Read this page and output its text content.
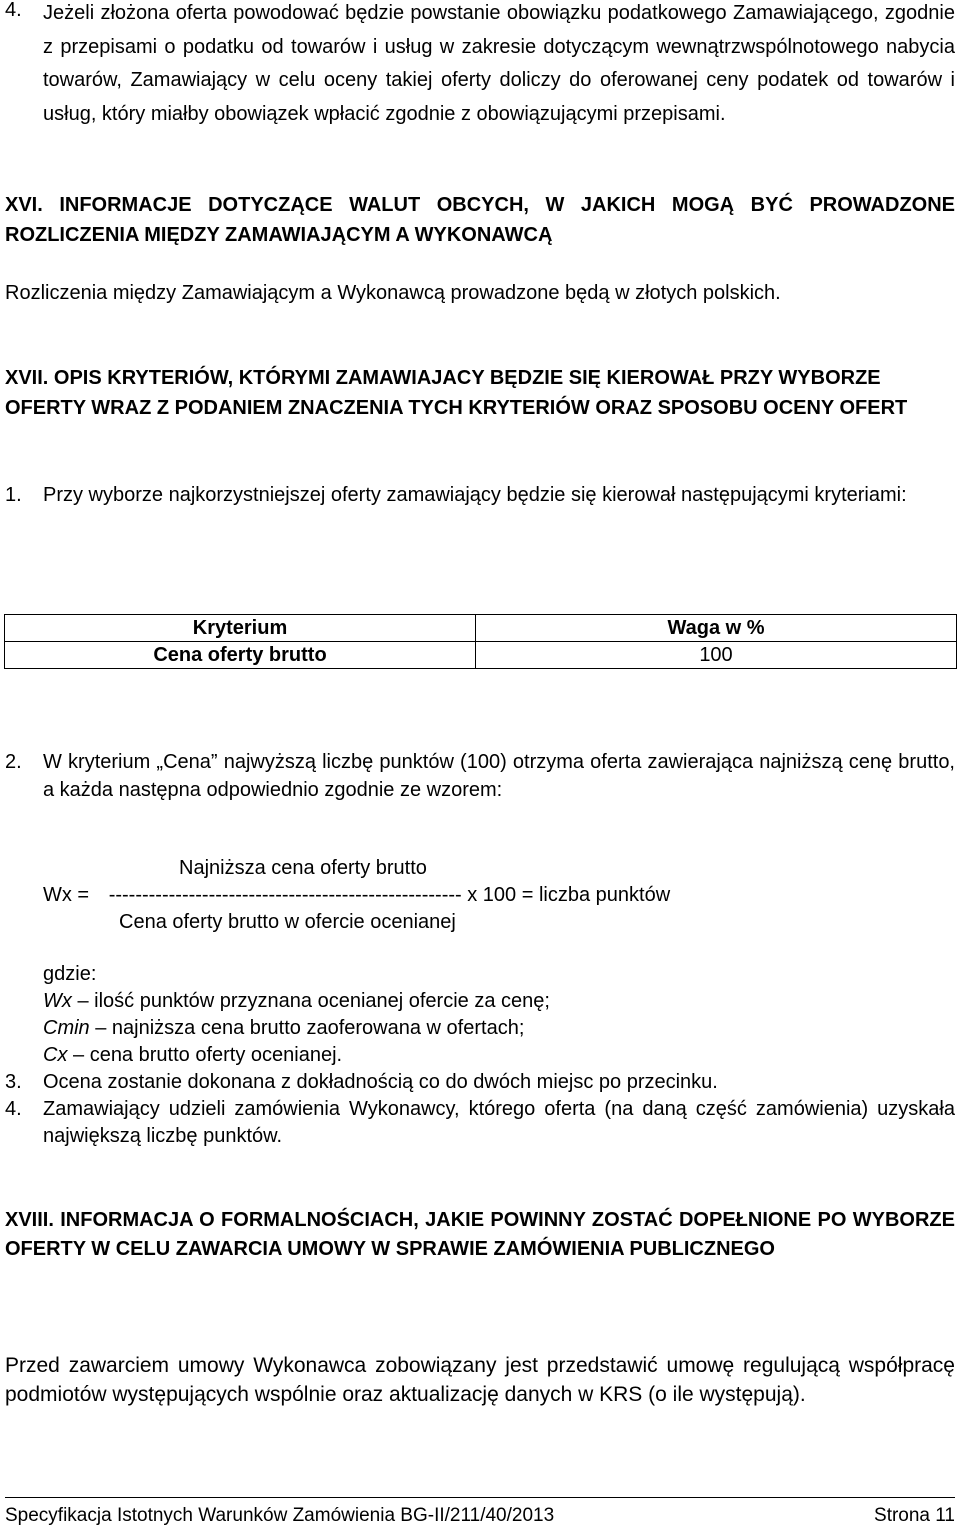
4. Jeżeli złożona oferta powodować będzie powstanie obowiązku podatkowego Zamawiającego, zgodnie z przepisami o podatku od towarów i usług w zakresie dotyczącym wewnątrzwspólnotowego nabycia towarów, Zamawiający w celu oceny takiej oferty doliczy do oferowanej ceny podatek od towarów i usług, który miałby obowiązek wpłacić zgodnie z obowiązującymi przepisami.

XVI. INFORMACJE DOTYCZĄCE WALUT OBCYCH, W JAKICH MOGĄ BYĆ PROWADZONE ROZLICZENIA MIĘDZY ZAMAWIAJĄCYM A WYKONAWCĄ

Rozliczenia między Zamawiającym a Wykonawcą prowadzone będą w złotych polskich.

XVII. OPIS KRYTERIÓW, KTÓRYMI ZAMAWIAJACY BĘDZIE SIĘ KIEROWAŁ PRZY WYBORZE OFERTY WRAZ Z PODANIEM ZNACZENIA TYCH KRYTERIÓW ORAZ SPOSOBU OCENY OFERT

1. Przy wyborze najkorzystniejszej oferty zamawiający będzie się kierował następującymi kryteriami:

Kryterium	Waga w %
Cena oferty brutto	100
2. W kryterium „Cena” najwyższą liczbę punktów (100) otrzyma oferta zawierająca najniższą cenę brutto, a każda następna odpowiednio zgodnie ze wzorem:

Najniższa cena oferty brutto
Wx = ----------------------------------------------------- x 100 = liczba punktów
Cena oferty brutto w ofercie ocenianej
gdzie:
Wx – ilość punktów przyznana ocenianej ofercie za cenę;
Cmin – najniższa cena brutto zaoferowana w ofertach;
Cx – cena brutto oferty ocenianej.
3. Ocena zostanie dokonana z dokładnością co do dwóch miejsc po przecinku.

4. Zamawiający udzieli zamówienia Wykonawcy, którego oferta (na daną część zamówienia) uzyskała największą liczbę punktów.

XVIII. INFORMACJA O FORMALNOŚCIACH, JAKIE POWINNY ZOSTAĆ DOPEŁNIONE PO WYBORZE OFERTY W CELU ZAWARCIA UMOWY W SPRAWIE ZAMÓWIENIA PUBLICZNEGO

Przed zawarciem umowy Wykonawca zobowiązany jest przedstawić umowę regulującą współpracę podmiotów występujących wspólnie oraz aktualizację danych w KRS (o ile występują).

Specyfikacja Istotnych Warunków Zamówienia BG-II/211/40/2013	Strona 11
